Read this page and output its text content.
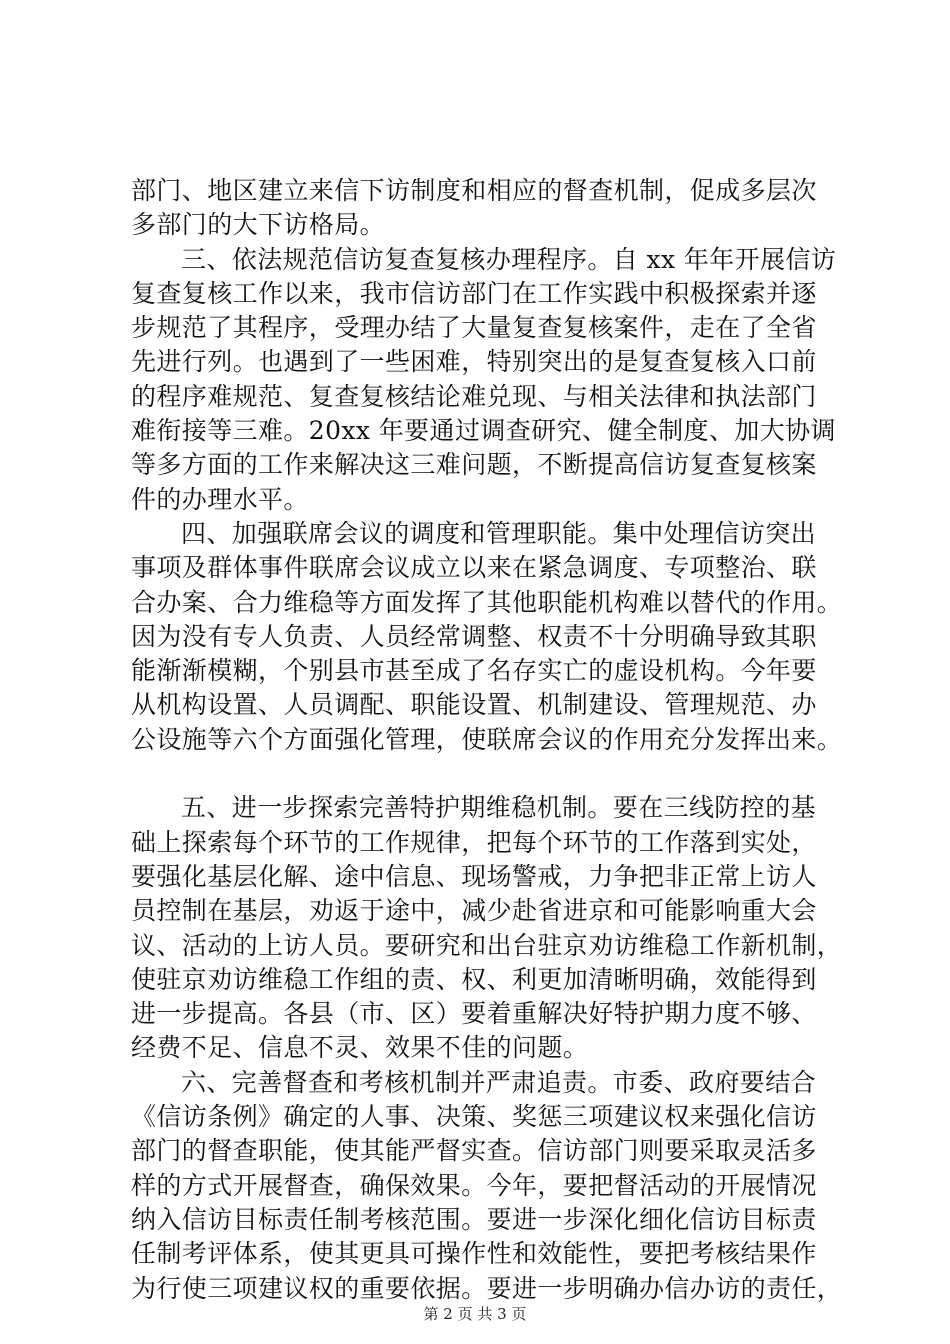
部门、地区建立来信下访制度和相应的督查机制，促成多层次
多部门的大下访格局。
三、依法规范信访复查复核办理程序。自 xx 年年开展信访
复查复核工作以来，我市信访部门在工作实践中积极探索并逐
步规范了其程序，受理办结了大量复查复核案件，走在了全省
先进行列。也遇到了一些困难，特别突出的是复查复核入口前
的程序难规范、复查复核结论难兑现、与相关法律和执法部门
难衔接等三难。20xx 年要通过调查研究、健全制度、加大协调
等多方面的工作来解决这三难问题，不断提高信访复查复核案
件的办理水平。
四、加强联席会议的调度和管理职能。集中处理信访突出
事项及群体事件联席会议成立以来在紧急调度、专项整治、联
合办案、合力维稳等方面发挥了其他职能机构难以替代的作用。
因为没有专人负责、人员经常调整、权责不十分明确导致其职
能渐渐模糊，个别县市甚至成了名存实亡的虚设机构。今年要
从机构设置、人员调配、职能设置、机制建设、管理规范、办
公设施等六个方面强化管理，使联席会议的作用充分发挥出来。
五、进一步探索完善特护期维稳机制。要在三线防控的基
础上探索每个环节的工作规律，把每个环节的工作落到实处，
要强化基层化解、途中信息、现场警戒，力争把非正常上访人
员控制在基层，劝返于途中，减少赴省进京和可能影响重大会
议、活动的上访人员。要研究和出台驻京劝访维稳工作新机制，
使驻京劝访维稳工作组的责、权、利更加清晰明确，效能得到
进一步提高。各县（市、区）要着重解决好特护期力度不够、
经费不足、信息不灵、效果不佳的问题。
六、完善督查和考核机制并严肃追责。市委、政府要结合
《信访条例》确定的人事、决策、奖惩三项建议权来强化信访
部门的督查职能，使其能严督实查。信访部门则要采取灵活多
样的方式开展督查，确保效果。今年，要把督活动的开展情况
纳入信访目标责任制考核范围。要进一步深化细化信访目标责
任制考评体系，使其更具可操作性和效能性，要把考核结果作
为行使三项建议权的重要依据。要进一步明确办信办访的责任，
第 2 页 共 3 页
